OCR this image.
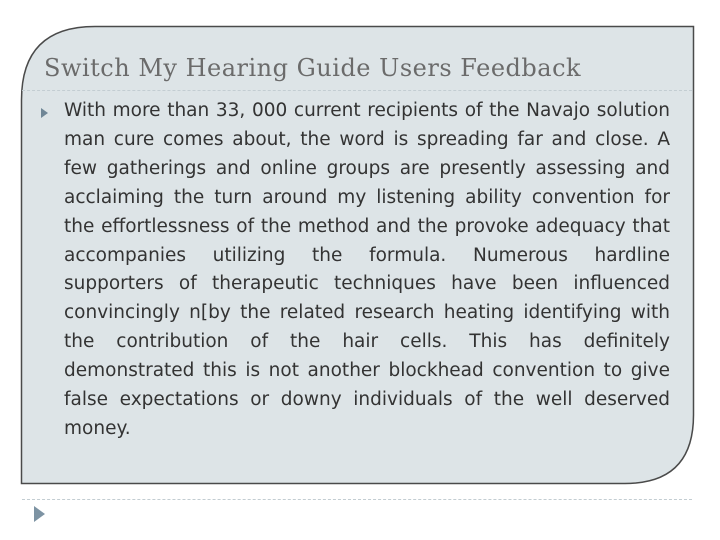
Switch My Hearing Guide Users Feedback

With more than 33, 000 current recipients of the Navajo solution man cure comes about, the word is spreading far and close. A few gatherings and online groups are presently assessing and acclaiming the turn around my listening ability convention for the effortlessness of the method and the provoke adequacy that accompanies utilizing the formula. Numerous hardline supporters of therapeutic techniques have been influenced convincingly n[by the related research heating identifying with the contribution of the hair cells. This has definitely demonstrated this is not another blockhead convention to give false expectations or downy individuals of the well deserved money.
